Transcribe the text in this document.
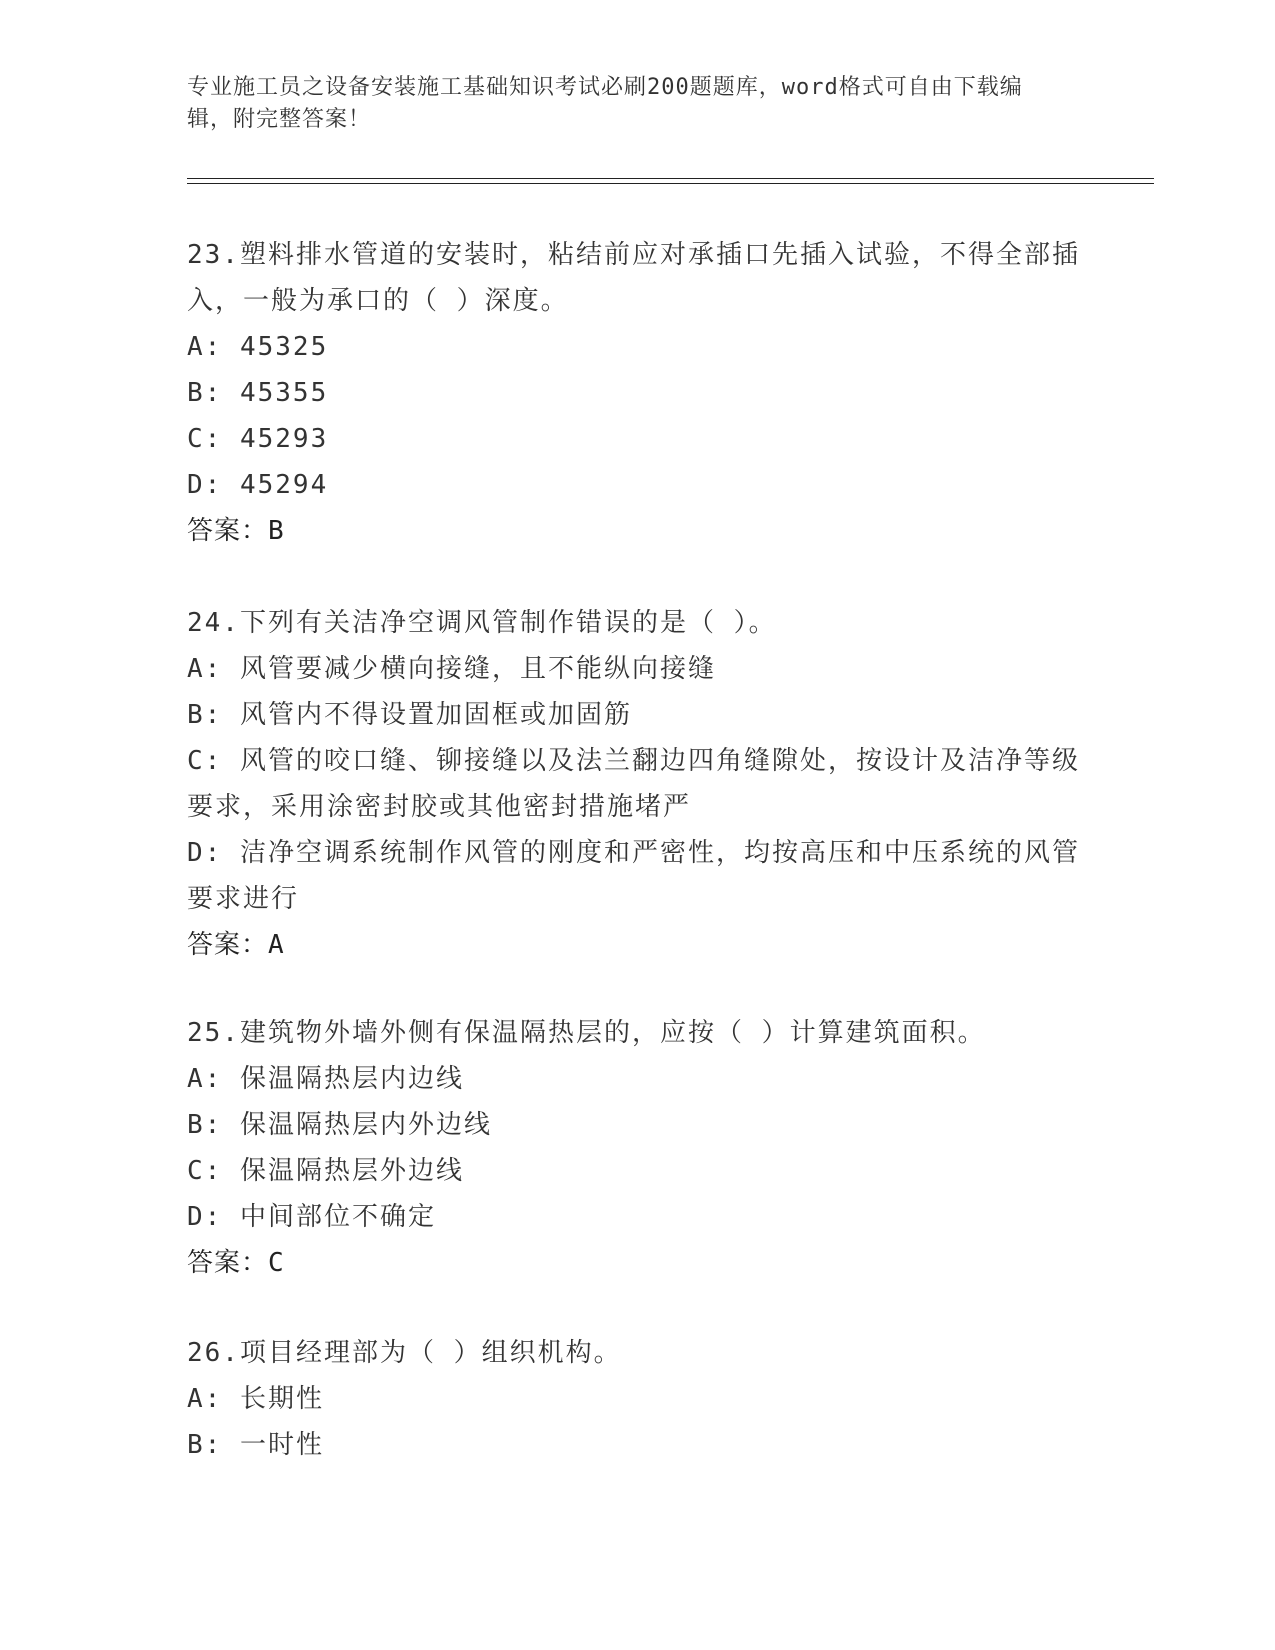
专业施工员之设备安装施工基础知识考试必刷200题题库，word格式可自由下载编辑，附完整答案！
23.塑料排水管道的安装时，粘结前应对承插口先插入试验，不得全部插入，一般为承口的（ ）深度。
A: 45325
B: 45355
C: 45293
D: 45294
答案：B
24.下列有关洁净空调风管制作错误的是（ ）。
A: 风管要减少横向接缝，且不能纵向接缝
B: 风管内不得设置加固框或加固筋
C: 风管的咬口缝、铆接缝以及法兰翻边四角缝隙处，按设计及洁净等级要求，采用涂密封胶或其他密封措施堵严
D: 洁净空调系统制作风管的刚度和严密性，均按高压和中压系统的风管要求进行
答案：A
25.建筑物外墙外侧有保温隔热层的，应按（ ）计算建筑面积。
A: 保温隔热层内边线
B: 保温隔热层内外边线
C: 保温隔热层外边线
D: 中间部位不确定
答案：C
26.项目经理部为（ ）组织机构。
A: 长期性
B: 一时性
